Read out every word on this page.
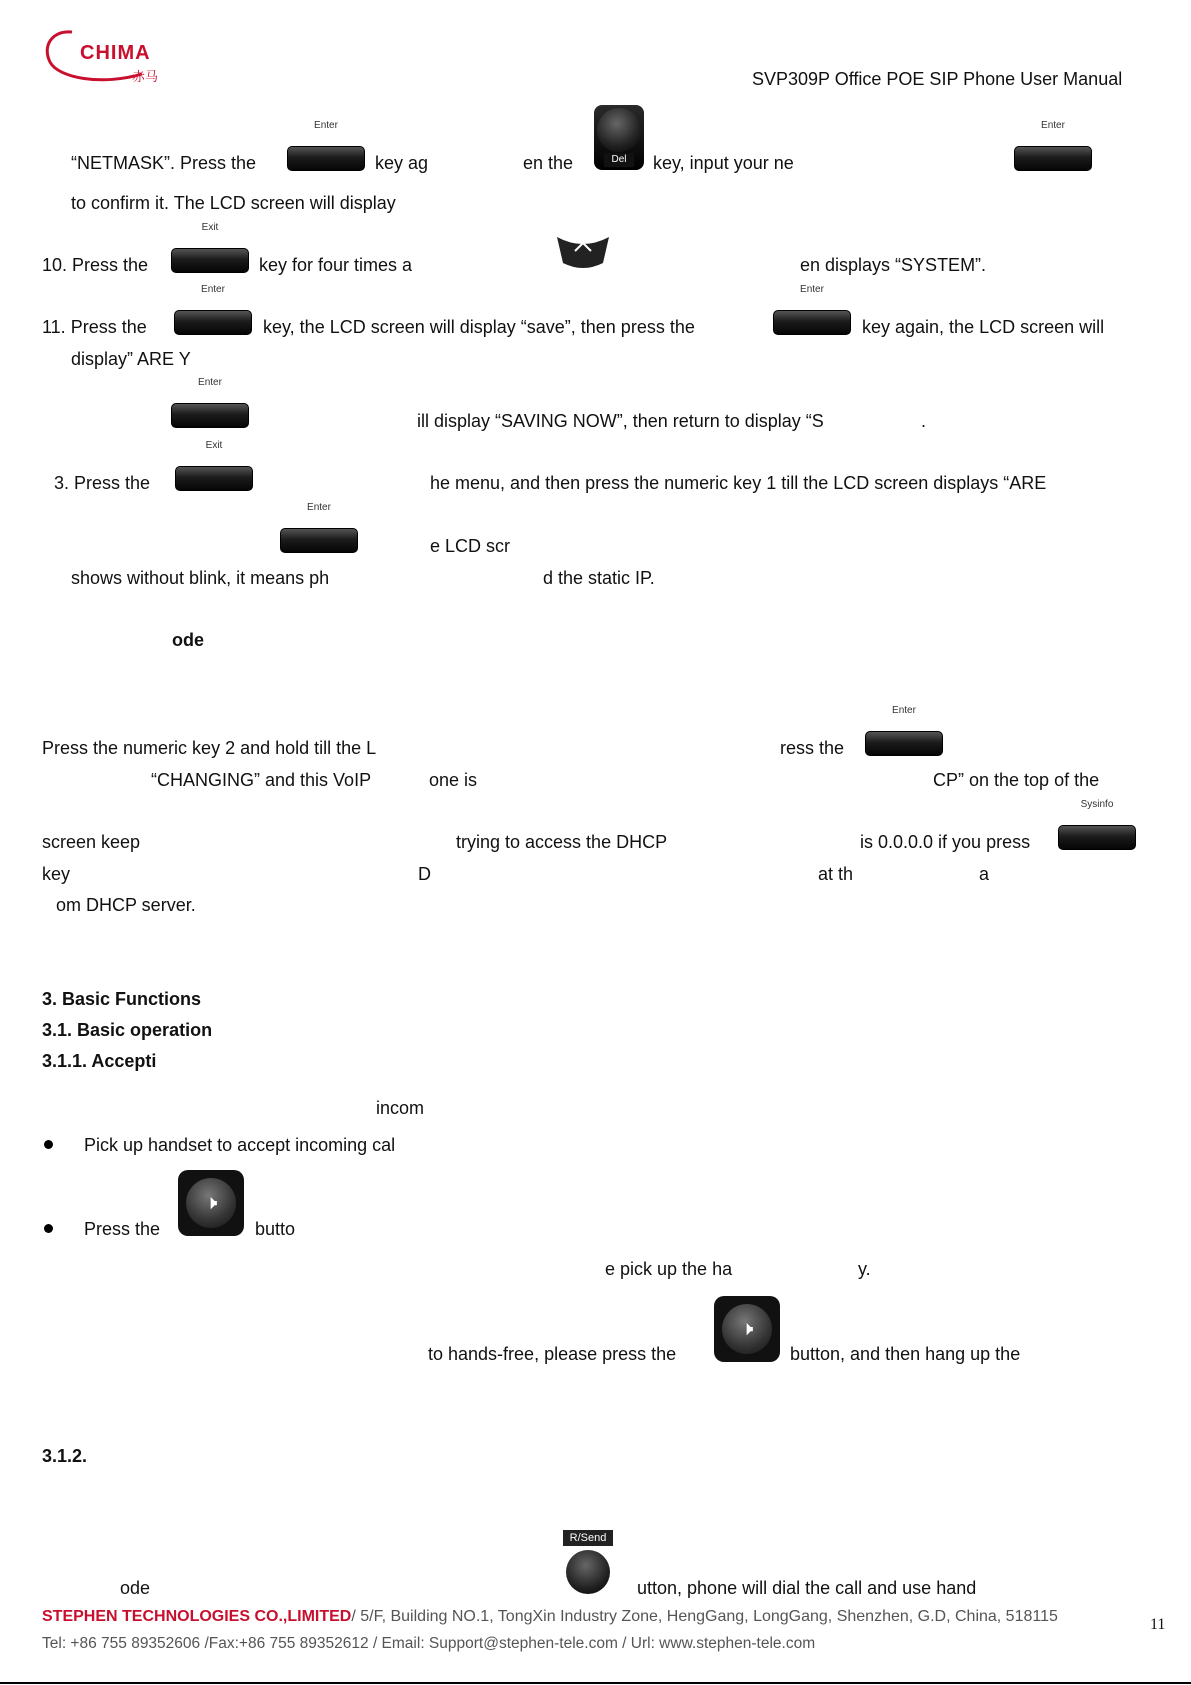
CHIMA
赤马	SVP309P Office POE SIP Phone User Manual
“NETMASK”. Press the
Enter
key ag	en the	Del	key, input your ne
Enter
to confirm it. The LCD screen will display
10. Press the
Exit
key for four times a	en displays “SYSTEM”.
11. Press the
Enter
key, the LCD screen will display “save”, then press the
Enter
key again, the LCD screen will
display” ARE Y
Enter
ill display “SAVING NOW”, then return to display “S	.
3. Press the
Exit
he menu, and then press the numeric key 1 till the LCD screen displays “ARE
Enter
e LCD scr
shows without blink, it means ph	d the static IP.
ode
Press the numeric key 2 and hold till the L	ress the
Enter
“CHANGING” and this VoIP	one is	CP” on the top of the
screen keep	trying to access the DHCP	is 0.0.0.0 if you press
Sysinfo
key	D	at th	a
om DHCP server.
3. Basic Functions
3.1. Basic operation
3.1.1. Accepti
incom
Pick up handset to accept incoming cal
Press the
🕨
butto
e pick up the ha	y.
to hands-free, please press the
🕨
button, and then hang up the
3.1.2.
ode
R/Send
utton, phone will dial the call and use hand
STEPHEN TECHNOLOGIES CO.,LIMITED/ 5/F, Building NO.1, TongXin Industry Zone, HengGang, LongGang, Shenzhen, G.D, China, 518115
Tel: +86 755 89352606 /Fax:+86 755 89352612 / Email: Support@stephen-tele.com / Url: www.stephen-tele.com
11
